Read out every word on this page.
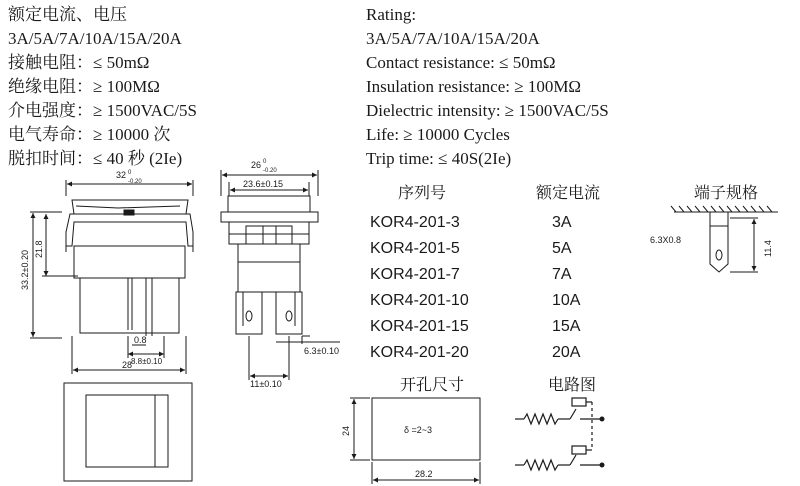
额定电流、电压
3A/5A/7A/10A/15A/20A
接触电阻：≤ 50mΩ
绝缘电阻：≥ 100MΩ
介电强度：≥ 1500VAC/5S
电气寿命：≥ 10000 次
脱扣时间：≤ 40 秒 (2Ie)
Rating:
3A/5A/7A/10A/15A/20A
Contact resistance: ≤ 50mΩ
Insulation resistance: ≥ 100MΩ
Dielectric intensity: ≥ 1500VAC/5S
Life: ≥ 10000 Cycles
Trip time: ≤ 40S(2Ie)
序列号	额定电流	端子规格
KOR4-201-3	3A
KOR4-201-5	5A
KOR4-201-7	7A
KOR4-201-10	10A
KOR4-201-15	15A
KOR4-201-20	20A
开孔尺寸	电路图
32 0
-0.20
33.2±0.20
21.8
0.8
8.8±0.10
28
26 0
-0.20
23.6±0.15
11±0.10
6.3±0.10
6.3X0.8
11.4
δ =2~3
24
28.2
